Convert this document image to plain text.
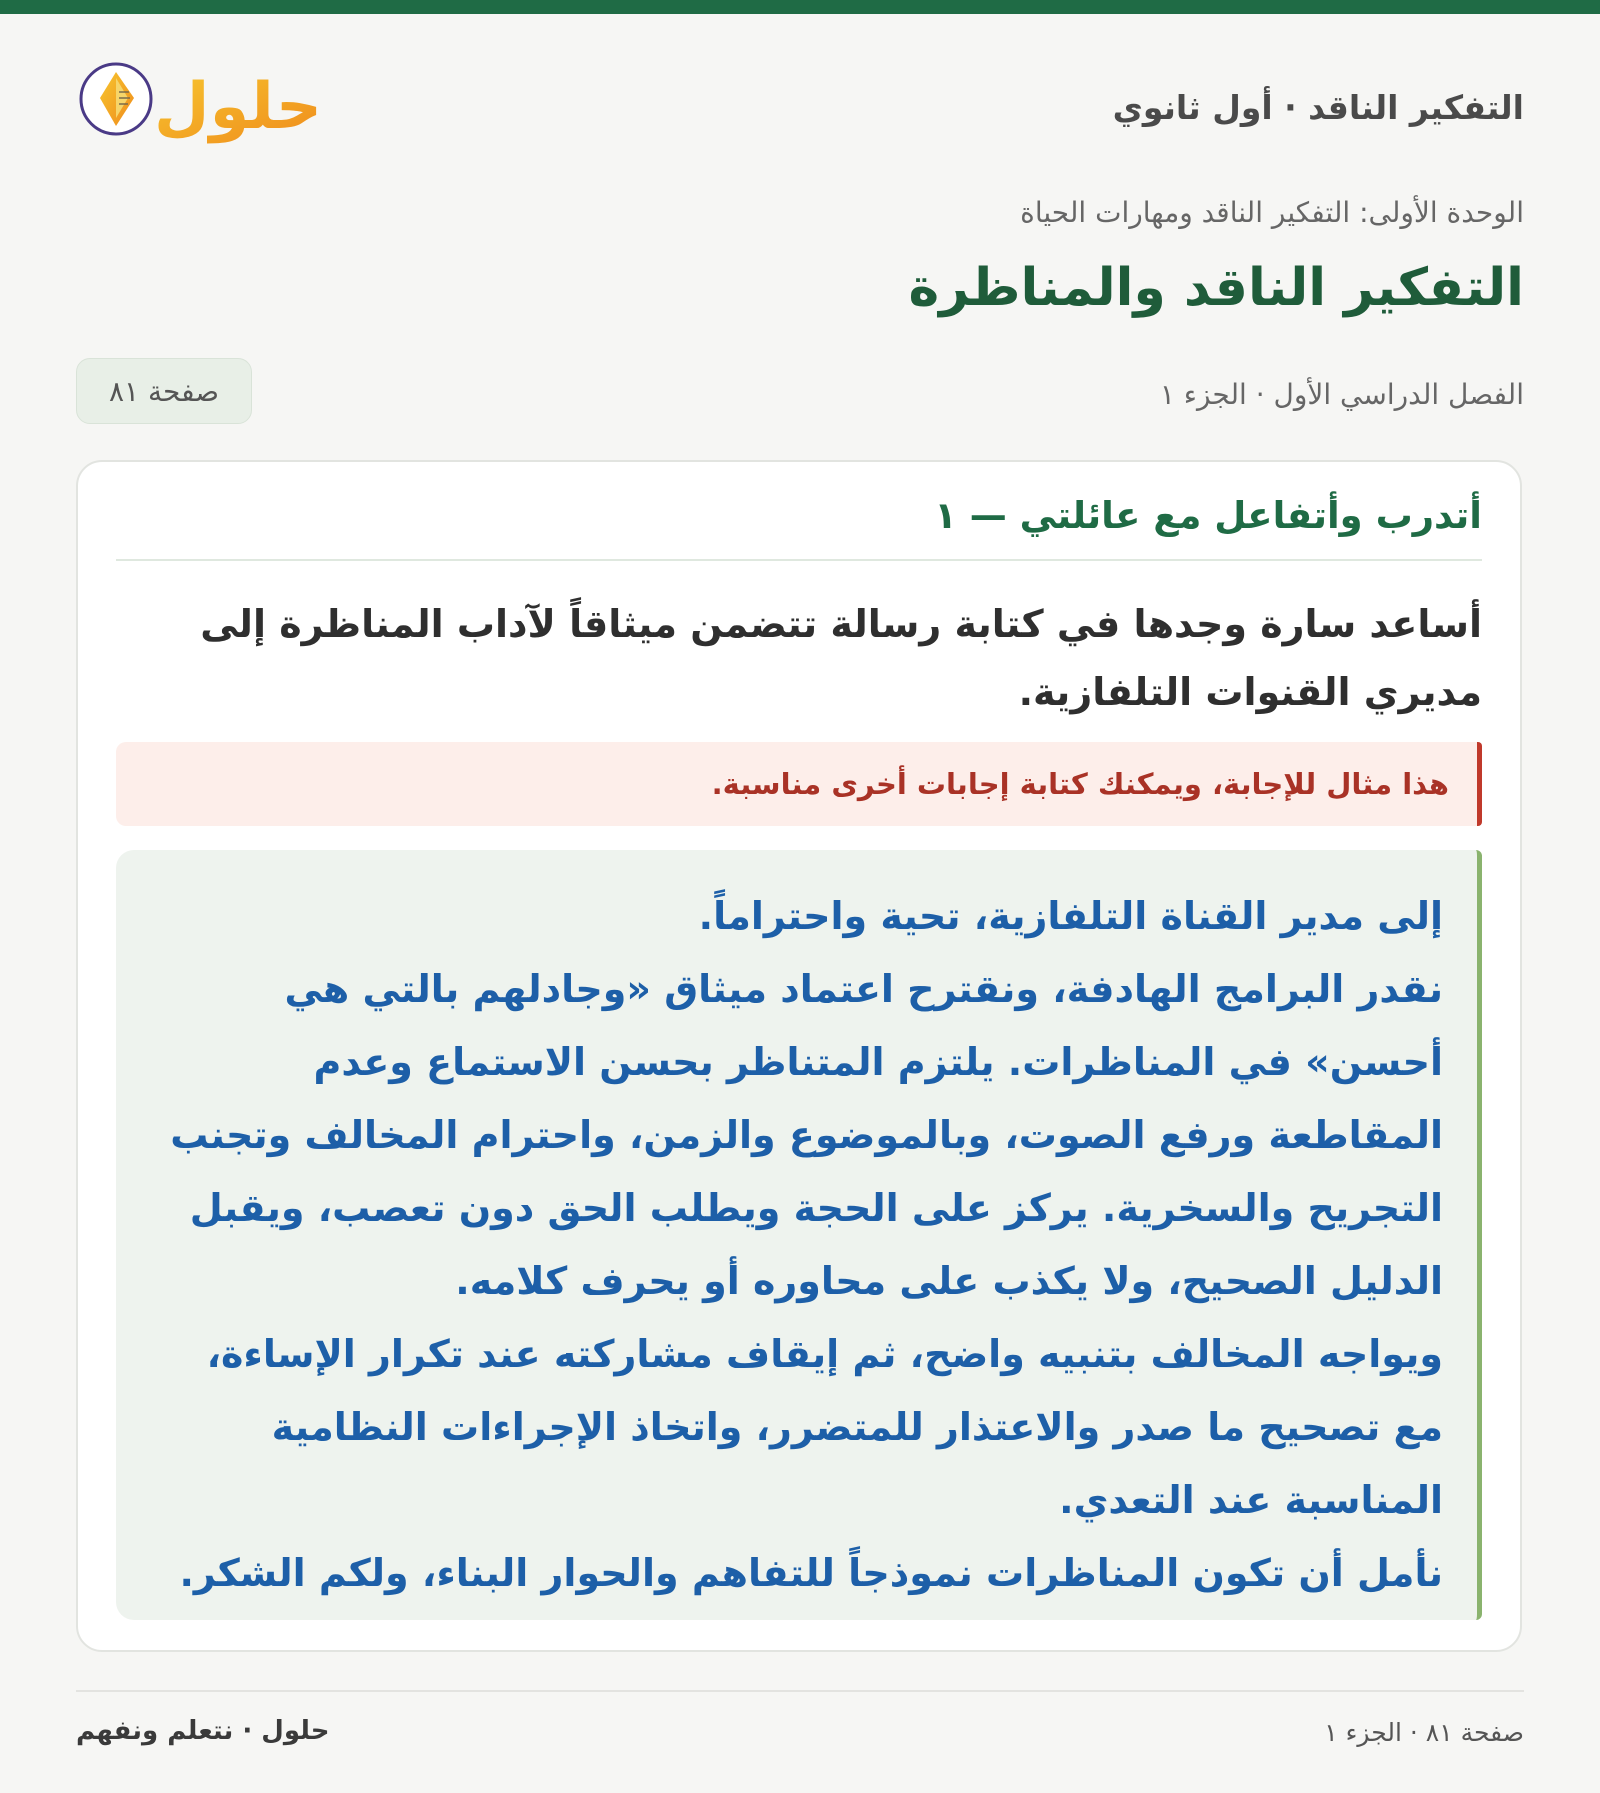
التفكير الناقد · أول ثانوي
حلول
الوحدة الأولى: التفكير الناقد ومهارات الحياة
التفكير الناقد والمناظرة
الفصل الدراسي الأول · الجزء ١
صفحة ٨١
أتدرب وأتفاعل مع عائلتي — ١
أساعد سارة وجدها في كتابة رسالة تتضمن ميثاقاً لآداب المناظرة إلى مديري القنوات التلفازية.
هذا مثال للإجابة، ويمكنك كتابة إجابات أخرى مناسبة.

إلى مدير القناة التلفازية، تحية واحتراماً.

نقدر البرامج الهادفة، ونقترح اعتماد ميثاق «وجادلهم بالتي هي أحسن» في المناظرات. يلتزم المتناظر بحسن الاستماع وعدم المقاطعة ورفع الصوت، وبالموضوع والزمن، واحترام المخالف وتجنب التجريح والسخرية. يركز على الحجة ويطلب الحق دون تعصب، ويقبل الدليل الصحيح، ولا يكذب على محاوره أو يحرف كلامه.

ويواجه المخالف بتنبيه واضح، ثم إيقاف مشاركته عند تكرار الإساءة، مع تصحيح ما صدر والاعتذار للمتضرر، واتخاذ الإجراءات النظامية المناسبة عند التعدي.

نأمل أن تكون المناظرات نموذجاً للتفاهم والحوار البناء، ولكم الشكر.

صفحة ٨١ · الجزء ١
حلول · نتعلم ونفهم
